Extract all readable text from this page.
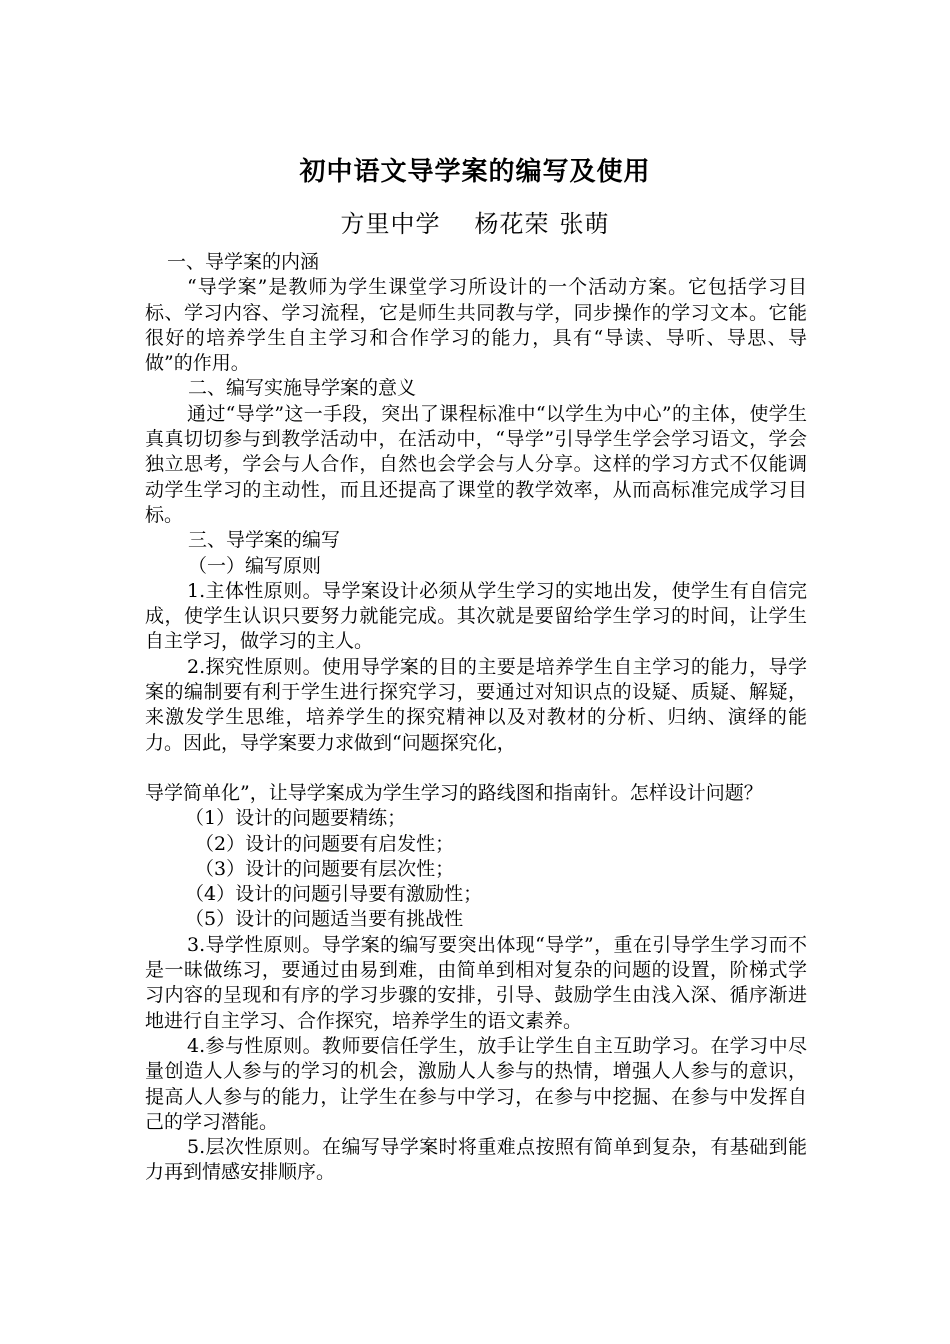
初中语文导学案的编写及使用
方里中学 杨花荣 张萌

一、导学案的内涵

“导学案”是教师为学生课堂学习所设计的一个活动方案。它包括学习目标、学习内容、学习流程，它是师生共同教与学，同步操作的学习文本。它能很好的培养学生自主学习和合作学习的能力，具有“导读、导听、导思、导做”的作用。

二、编写实施导学案的意义

通过“导学”这一手段，突出了课程标准中“以学生为中心”的主体，使学生真真切切参与到教学活动中，在活动中，“导学”引导学生学会学习语文，学会独立思考，学会与人合作，自然也会学会与人分享。这样的学习方式不仅能调动学生学习的主动性，而且还提高了课堂的教学效率，从而高标准完成学习目标。

三、导学案的编写

（一）编写原则

1.主体性原则。导学案设计必须从学生学习的实地出发，使学生有自信完成，使学生认识只要努力就能完成。其次就是要留给学生学习的时间，让学生自主学习，做学习的主人。

2.探究性原则。使用导学案的目的主要是培养学生自主学习的能力，导学案的编制要有利于学生进行探究学习，要通过对知识点的设疑、质疑、解疑，来激发学生思维，培养学生的探究精神以及对教材的分析、归纳、演绎的能力。因此，导学案要力求做到“问题探究化，

导学简单化”，让导学案成为学生学习的路线图和指南针。怎样设计问题？

（1）设计的问题要精练；

（2）设计的问题要有启发性；

（3）设计的问题要有层次性；

（4）设计的问题引导要有激励性；

（5）设计的问题适当要有挑战性

3.导学性原则。导学案的编写要突出体现“导学”，重在引导学生学习而不是一昧做练习，要通过由易到难，由简单到相对复杂的问题的设置，阶梯式学习内容的呈现和有序的学习步骤的安排，引导、鼓励学生由浅入深、循序渐进地进行自主学习、合作探究，培养学生的语文素养。

4.参与性原则。教师要信任学生，放手让学生自主互助学习。在学习中尽量创造人人参与的学习的机会，激励人人参与的热情，增强人人参与的意识，提高人人参与的能力，让学生在参与中学习，在参与中挖掘、在参与中发挥自己的学习潜能。

5.层次性原则。在编写导学案时将重难点按照有简单到复杂，有基础到能力再到情感安排顺序。
